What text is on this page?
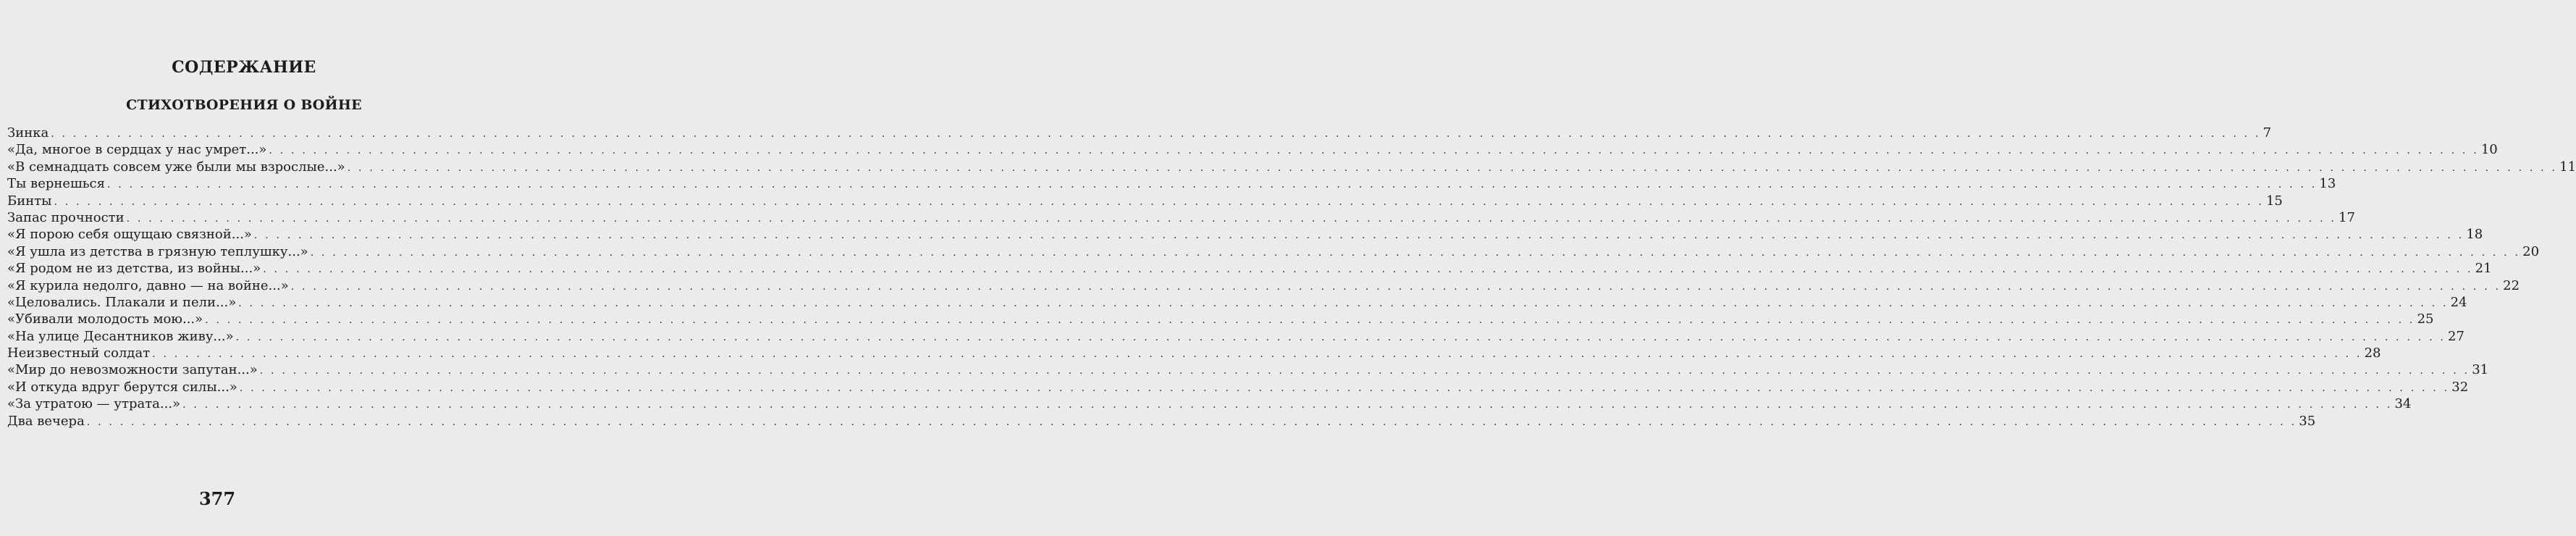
СОДЕРЖАНИЕ
СТИХОТВОРЕНИЯ О ВОЙНЕ
Зинка . . . . . . . . . . . . . . . . . . . . . . . . . . . . . . . . . . . . . . . . . . . . . . . . . . . . . . . . . . . . . . . . . . . . . . . . . . . . . . . . . . . . . . . . . . . . . . . . . . . . . . . . . . . . . . . . . . . . . . . . . . . . . . . . . . . . . . . . . . . . . . . . . . . . . . . . . . . . . . . . . . . . . . . . . . . . . . . . . . . . . . . . . . . . . . . . . . . . . . . . 7
«Да, многое в сердцах у нас умрет...» . . . . . . . . . . . . . . . . . . . . . . . . . . . . . . . . . . . . . . . . . . . . . . . . . . . . . . . . . . . . . . . . . . . . . . . . . . . . . . . . . . . . . . . . . . . . . . . . . . . . . . . . . . . . . . . . . . . . . . . . . . . . . . . . . . . . . . . . . . . . . . . . . . . . . . . . . . . . . . . . . . . . . . . . . . . . . . . . . . . . . . . . . . . . . . . . . . . . . . . . 10
«В семнадцать совсем уже были мы взрослые...» . . . . . . . . . . . . . . . . . . . . . . . . . . . . . . . . . . . . . . . . . . . . . . . . . . . . . . . . . . . . . . . . . . . . . . . . . . . . . . . . . . . . . . . . . . . . . . . . . . . . . . . . . . . . . . . . . . . . . . . . . . . . . . . . . . . . . . . . . . . . . . . . . . . . . . . . . . . . . . . . . . . . . . . . . . . . . . . . . . . . . . . . . . . . . . . . . . . . . . . . 11
Ты вернешься . . . . . . . . . . . . . . . . . . . . . . . . . . . . . . . . . . . . . . . . . . . . . . . . . . . . . . . . . . . . . . . . . . . . . . . . . . . . . . . . . . . . . . . . . . . . . . . . . . . . . . . . . . . . . . . . . . . . . . . . . . . . . . . . . . . . . . . . . . . . . . . . . . . . . . . . . . . . . . . . . . . . . . . . . . . . . . . . . . . . . . . . . . . . . . . . . . . . . . . . 13
Бинты . . . . . . . . . . . . . . . . . . . . . . . . . . . . . . . . . . . . . . . . . . . . . . . . . . . . . . . . . . . . . . . . . . . . . . . . . . . . . . . . . . . . . . . . . . . . . . . . . . . . . . . . . . . . . . . . . . . . . . . . . . . . . . . . . . . . . . . . . . . . . . . . . . . . . . . . . . . . . . . . . . . . . . . . . . . . . . . . . . . . . . . . . . . . . . . . . . . . . . . . 15
Запас прочности . . . . . . . . . . . . . . . . . . . . . . . . . . . . . . . . . . . . . . . . . . . . . . . . . . . . . . . . . . . . . . . . . . . . . . . . . . . . . . . . . . . . . . . . . . . . . . . . . . . . . . . . . . . . . . . . . . . . . . . . . . . . . . . . . . . . . . . . . . . . . . . . . . . . . . . . . . . . . . . . . . . . . . . . . . . . . . . . . . . . . . . . . . . . . . . . . . . . . . . . 17
«Я порою себя ощущаю связной...» . . . . . . . . . . . . . . . . . . . . . . . . . . . . . . . . . . . . . . . . . . . . . . . . . . . . . . . . . . . . . . . . . . . . . . . . . . . . . . . . . . . . . . . . . . . . . . . . . . . . . . . . . . . . . . . . . . . . . . . . . . . . . . . . . . . . . . . . . . . . . . . . . . . . . . . . . . . . . . . . . . . . . . . . . . . . . . . . . . . . . . . . . . . . . . . . . . . . . . . . 18
«Я ушла из детства в грязную теплушку...» . . . . . . . . . . . . . . . . . . . . . . . . . . . . . . . . . . . . . . . . . . . . . . . . . . . . . . . . . . . . . . . . . . . . . . . . . . . . . . . . . . . . . . . . . . . . . . . . . . . . . . . . . . . . . . . . . . . . . . . . . . . . . . . . . . . . . . . . . . . . . . . . . . . . . . . . . . . . . . . . . . . . . . . . . . . . . . . . . . . . . . . . . . . . . . . . . . . . . . . . 20
«Я родом не из детства, из войны...» . . . . . . . . . . . . . . . . . . . . . . . . . . . . . . . . . . . . . . . . . . . . . . . . . . . . . . . . . . . . . . . . . . . . . . . . . . . . . . . . . . . . . . . . . . . . . . . . . . . . . . . . . . . . . . . . . . . . . . . . . . . . . . . . . . . . . . . . . . . . . . . . . . . . . . . . . . . . . . . . . . . . . . . . . . . . . . . . . . . . . . . . . . . . . . . . . . . . . . . . 21
«Я курила недолго, давно — на войне...» . . . . . . . . . . . . . . . . . . . . . . . . . . . . . . . . . . . . . . . . . . . . . . . . . . . . . . . . . . . . . . . . . . . . . . . . . . . . . . . . . . . . . . . . . . . . . . . . . . . . . . . . . . . . . . . . . . . . . . . . . . . . . . . . . . . . . . . . . . . . . . . . . . . . . . . . . . . . . . . . . . . . . . . . . . . . . . . . . . . . . . . . . . . . . . . . . . . . . . . . 22
«Целовались. Плакали и пели...» . . . . . . . . . . . . . . . . . . . . . . . . . . . . . . . . . . . . . . . . . . . . . . . . . . . . . . . . . . . . . . . . . . . . . . . . . . . . . . . . . . . . . . . . . . . . . . . . . . . . . . . . . . . . . . . . . . . . . . . . . . . . . . . . . . . . . . . . . . . . . . . . . . . . . . . . . . . . . . . . . . . . . . . . . . . . . . . . . . . . . . . . . . . . . . . . . . . . . . . . 24
«Убивали молодость мою...» . . . . . . . . . . . . . . . . . . . . . . . . . . . . . . . . . . . . . . . . . . . . . . . . . . . . . . . . . . . . . . . . . . . . . . . . . . . . . . . . . . . . . . . . . . . . . . . . . . . . . . . . . . . . . . . . . . . . . . . . . . . . . . . . . . . . . . . . . . . . . . . . . . . . . . . . . . . . . . . . . . . . . . . . . . . . . . . . . . . . . . . . . . . . . . . . . . . . . . . . 25
«На улице Десантников живу...» . . . . . . . . . . . . . . . . . . . . . . . . . . . . . . . . . . . . . . . . . . . . . . . . . . . . . . . . . . . . . . . . . . . . . . . . . . . . . . . . . . . . . . . . . . . . . . . . . . . . . . . . . . . . . . . . . . . . . . . . . . . . . . . . . . . . . . . . . . . . . . . . . . . . . . . . . . . . . . . . . . . . . . . . . . . . . . . . . . . . . . . . . . . . . . . . . . . . . . . . 27
Неизвестный солдат . . . . . . . . . . . . . . . . . . . . . . . . . . . . . . . . . . . . . . . . . . . . . . . . . . . . . . . . . . . . . . . . . . . . . . . . . . . . . . . . . . . . . . . . . . . . . . . . . . . . . . . . . . . . . . . . . . . . . . . . . . . . . . . . . . . . . . . . . . . . . . . . . . . . . . . . . . . . . . . . . . . . . . . . . . . . . . . . . . . . . . . . . . . . . . . . . . . . . . . . 28
«Мир до невозможности запутан...» . . . . . . . . . . . . . . . . . . . . . . . . . . . . . . . . . . . . . . . . . . . . . . . . . . . . . . . . . . . . . . . . . . . . . . . . . . . . . . . . . . . . . . . . . . . . . . . . . . . . . . . . . . . . . . . . . . . . . . . . . . . . . . . . . . . . . . . . . . . . . . . . . . . . . . . . . . . . . . . . . . . . . . . . . . . . . . . . . . . . . . . . . . . . . . . . . . . . . . . . 31
«И откуда вдруг берутся силы...» . . . . . . . . . . . . . . . . . . . . . . . . . . . . . . . . . . . . . . . . . . . . . . . . . . . . . . . . . . . . . . . . . . . . . . . . . . . . . . . . . . . . . . . . . . . . . . . . . . . . . . . . . . . . . . . . . . . . . . . . . . . . . . . . . . . . . . . . . . . . . . . . . . . . . . . . . . . . . . . . . . . . . . . . . . . . . . . . . . . . . . . . . . . . . . . . . . . . . . . . 32
«За утратою — утрата...» . . . . . . . . . . . . . . . . . . . . . . . . . . . . . . . . . . . . . . . . . . . . . . . . . . . . . . . . . . . . . . . . . . . . . . . . . . . . . . . . . . . . . . . . . . . . . . . . . . . . . . . . . . . . . . . . . . . . . . . . . . . . . . . . . . . . . . . . . . . . . . . . . . . . . . . . . . . . . . . . . . . . . . . . . . . . . . . . . . . . . . . . . . . . . . . . . . . . . . . . 34
Два вечера . . . . . . . . . . . . . . . . . . . . . . . . . . . . . . . . . . . . . . . . . . . . . . . . . . . . . . . . . . . . . . . . . . . . . . . . . . . . . . . . . . . . . . . . . . . . . . . . . . . . . . . . . . . . . . . . . . . . . . . . . . . . . . . . . . . . . . . . . . . . . . . . . . . . . . . . . . . . . . . . . . . . . . . . . . . . . . . . . . . . . . . . . . . . . . . . . . . . . . . . 35
377
